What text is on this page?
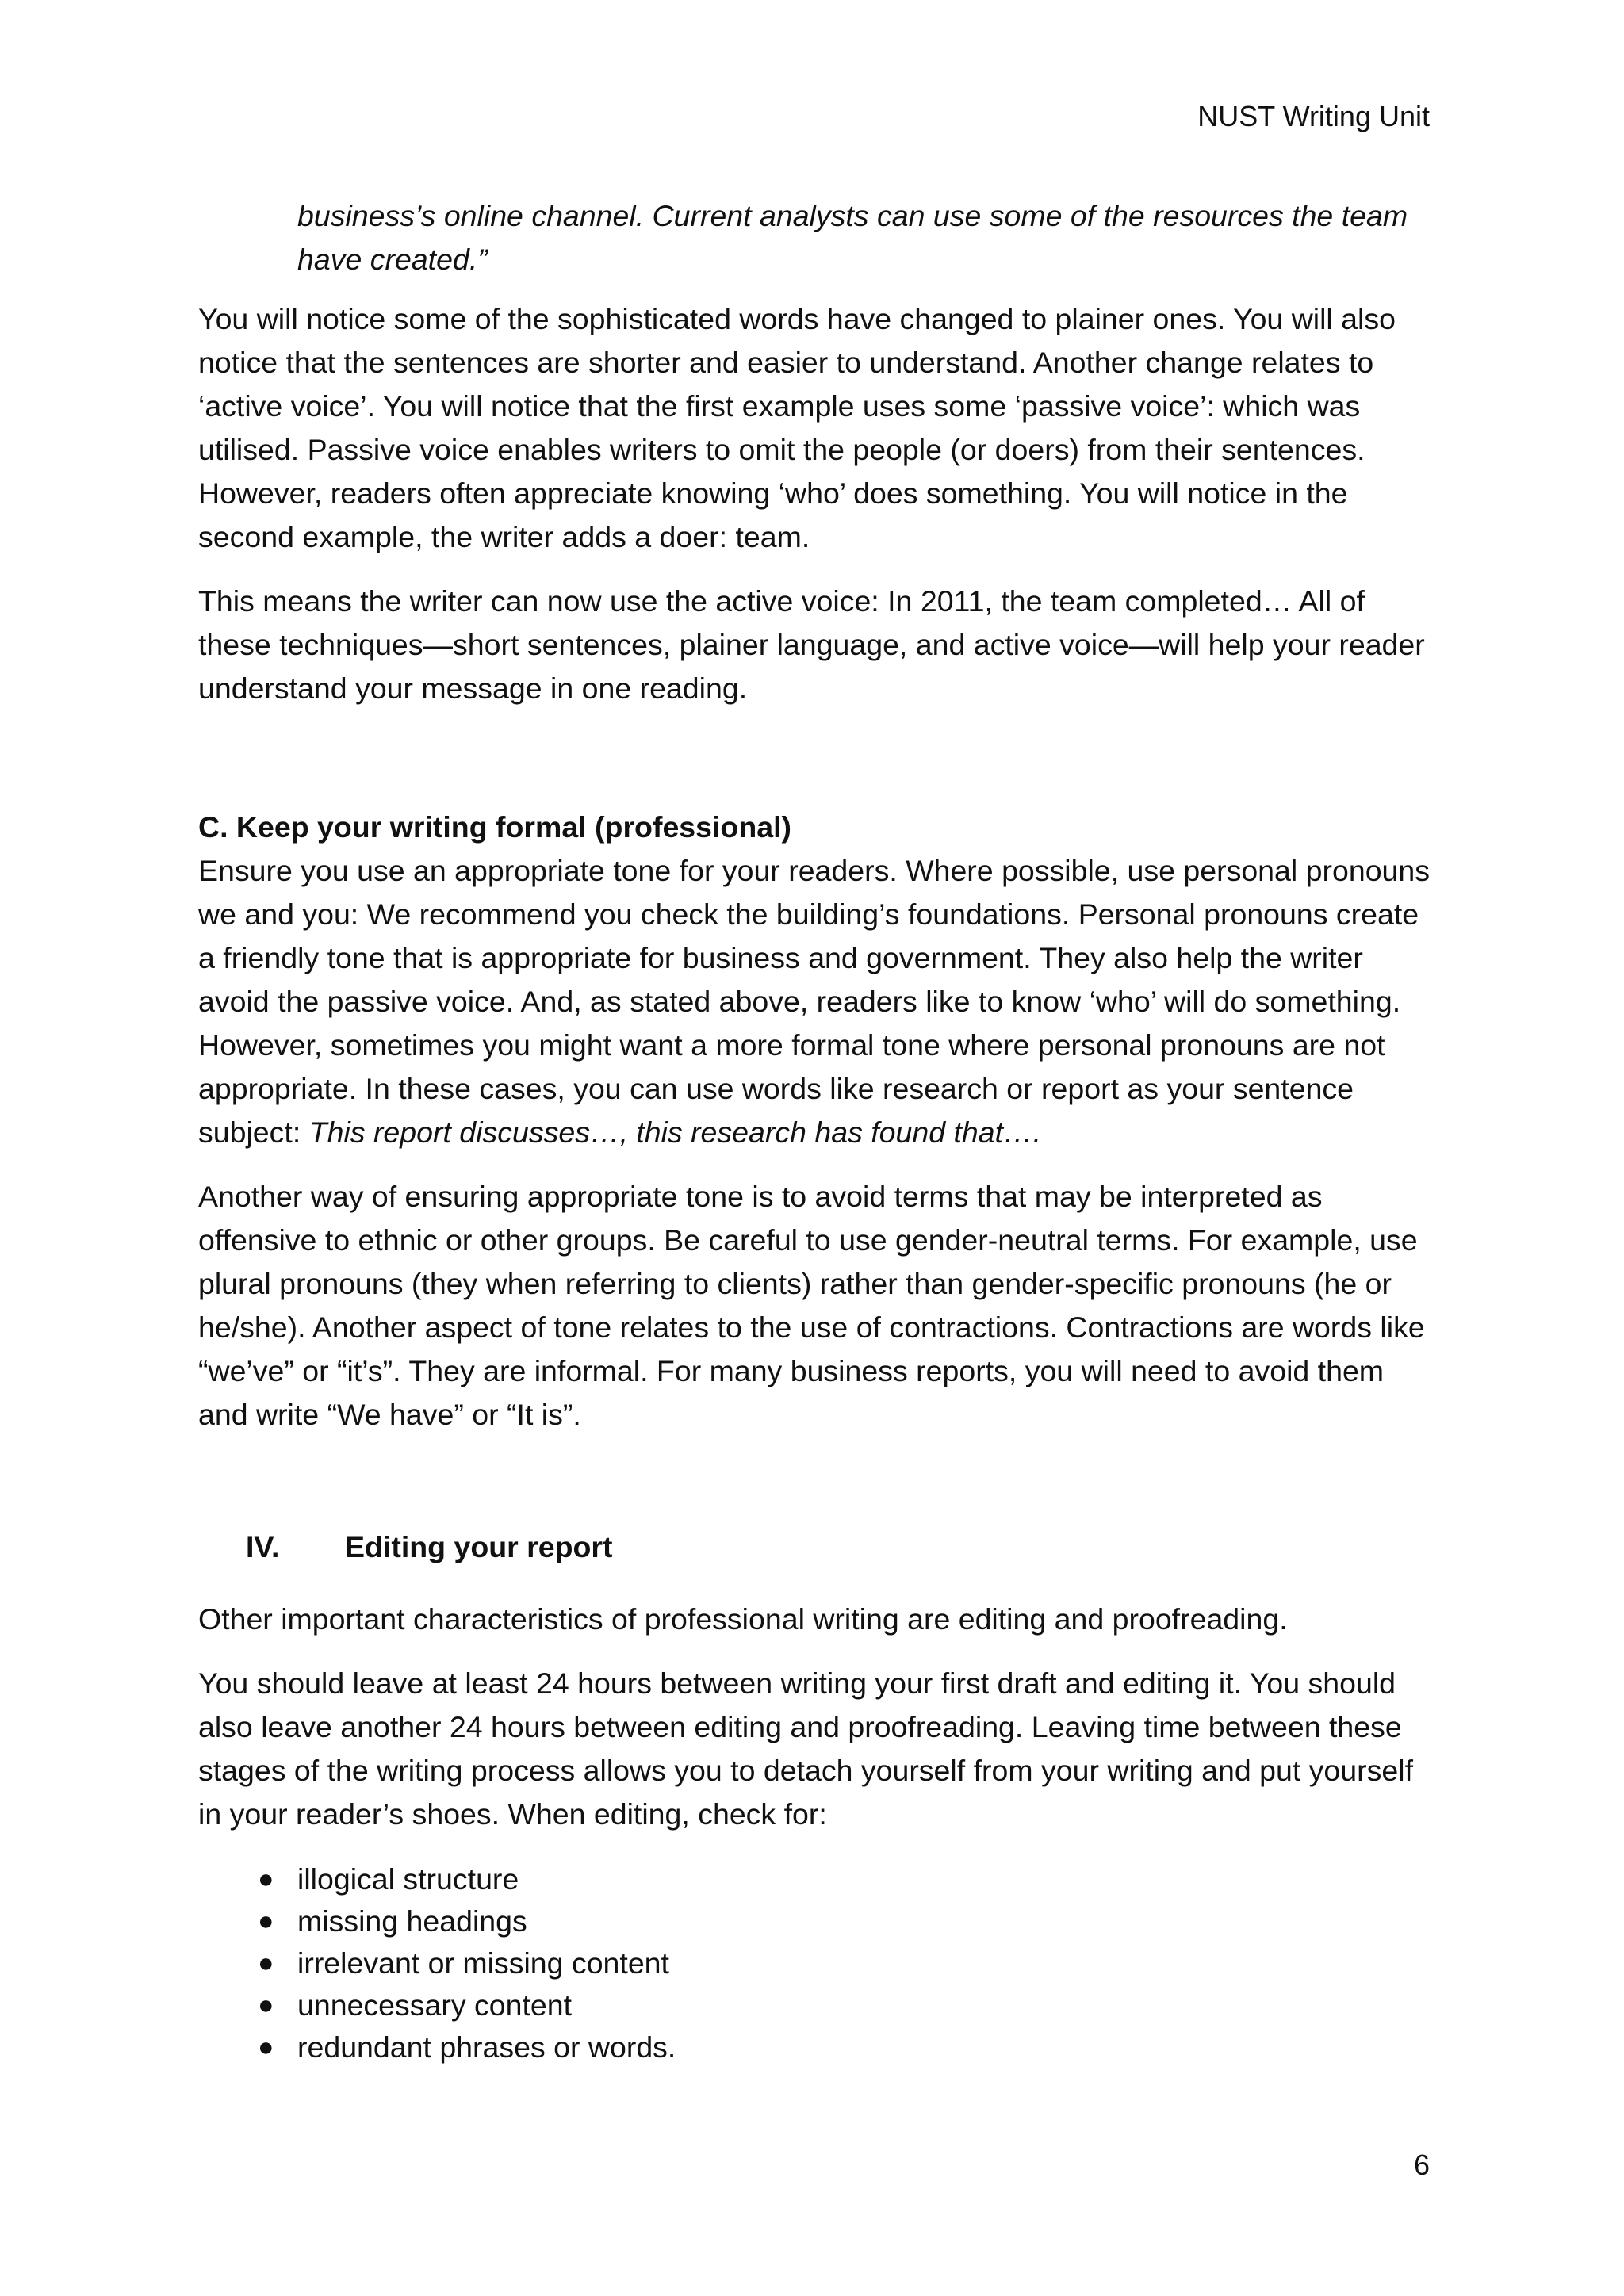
NUST Writing Unit

business’s online channel. Current analysts can use some of the resources the team have created.”

You will notice some of the sophisticated words have changed to plainer ones. You will also notice that the sentences are shorter and easier to understand. Another change relates to ‘active voice’. You will notice that the first example uses some ‘passive voice’: which was utilised. Passive voice enables writers to omit the people (or doers) from their sentences. However, readers often appreciate knowing ‘who’ does something. You will notice in the second example, the writer adds a doer: team.

This means the writer can now use the active voice: In 2011, the team completed… All of these techniques—short sentences, plainer language, and active voice—will help your reader understand your message in one reading.

C. Keep your writing formal (professional)

Ensure you use an appropriate tone for your readers. Where possible, use personal pronouns we and you: We recommend you check the building’s foundations. Personal pronouns create a friendly tone that is appropriate for business and government. They also help the writer avoid the passive voice. And, as stated above, readers like to know ‘who’ will do something. However, sometimes you might want a more formal tone where personal pronouns are not appropriate. In these cases, you can use words like research or report as your sentence subject: This report discusses…, this research has found that….

Another way of ensuring appropriate tone is to avoid terms that may be interpreted as offensive to ethnic or other groups. Be careful to use gender-neutral terms. For example, use plural pronouns (they when referring to clients) rather than gender-specific pronouns (he or he/she). Another aspect of tone relates to the use of contractions. Contractions are words like “we’ve” or “it’s”. They are informal. For many business reports, you will need to avoid them and write “We have” or “It is”.

IV.	Editing your report

Other important characteristics of professional writing are editing and proofreading.

You should leave at least 24 hours between writing your first draft and editing it. You should also leave another 24 hours between editing and proofreading. Leaving time between these stages of the writing process allows you to detach yourself from your writing and put yourself in your reader’s shoes. When editing, check for:

● illogical structure
● missing headings
● irrelevant or missing content
● unnecessary content
● redundant phrases or words.
6
